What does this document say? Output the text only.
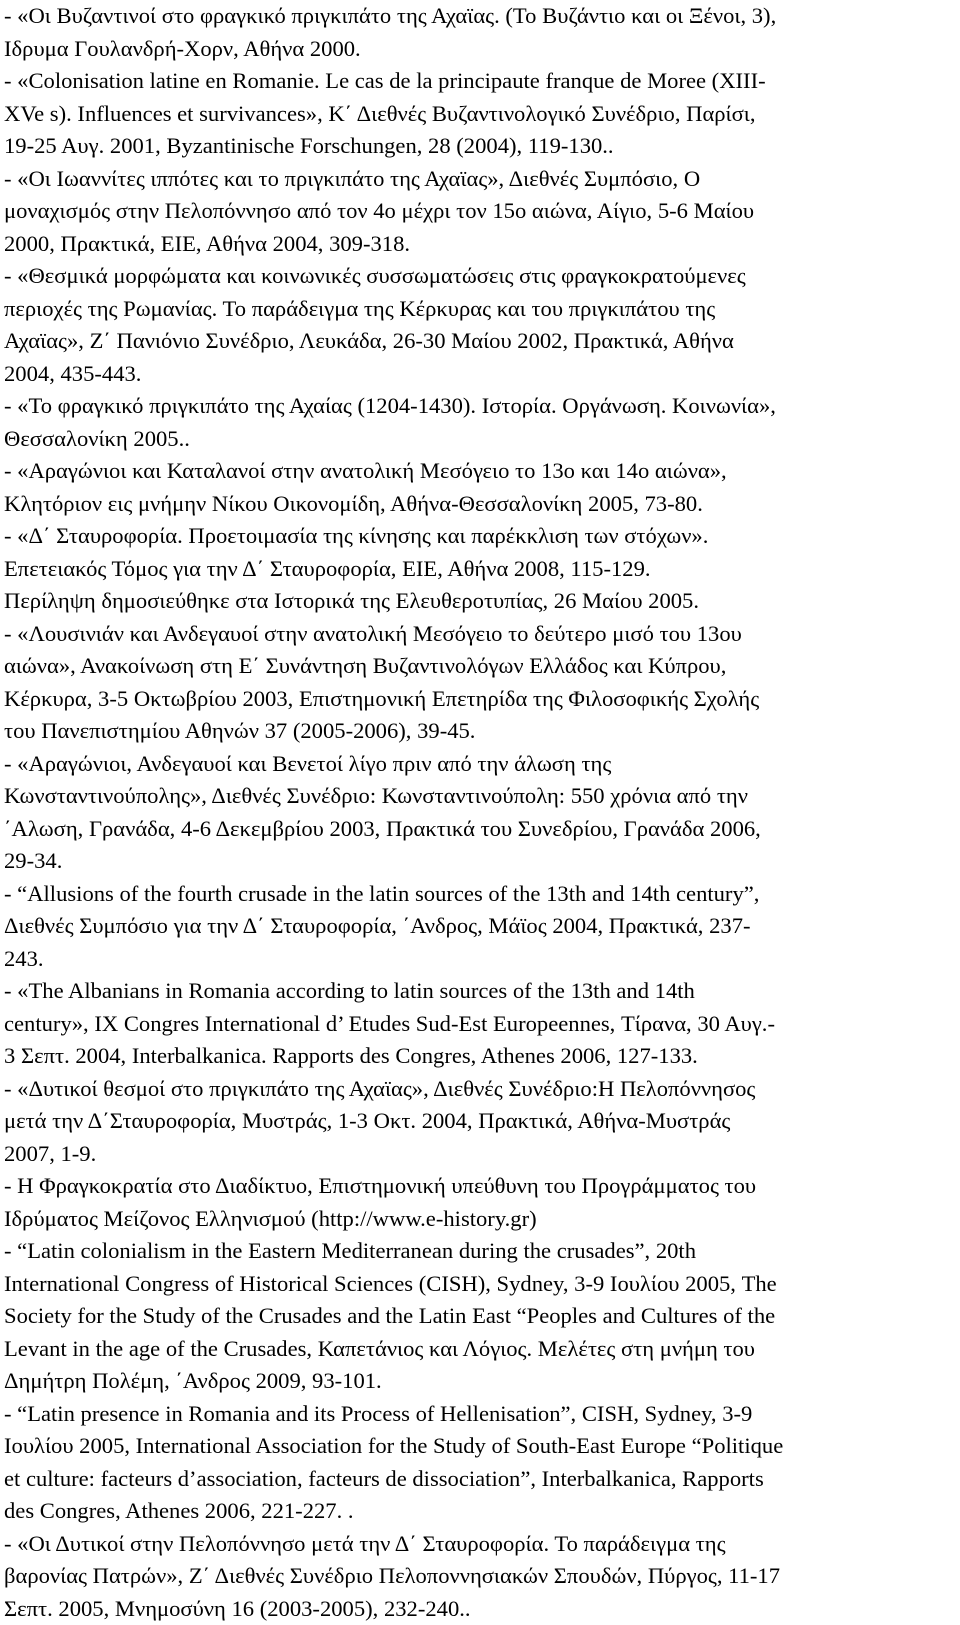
- «Οι Βυζαντινοί στο φραγκικό πριγκιπάτο της Αχαϊας. (Το Βυζάντιο και οι Ξένοι, 3),
Ιδρυμα Γουλανδρή-Χορν, Αθήνα 2000.
- «Colonisation latine en Romanie. Le cas de la principaute franque de Moree (XIII-
XVe s). Influences et survivances», Κ΄ Διεθνές Βυζαντινολογικό Συνέδριο, Παρίσι,
19-25 Αυγ. 2001, Byzantinische Forschungen, 28 (2004), 119-130..
- «Οι Ιωαννίτες ιππότες και το πριγκιπάτο της Αχαϊας», Διεθνές Συμπόσιο, Ο
μοναχισμός στην Πελοπόννησο από τον 4ο μέχρι τον 15ο αιώνα, Αίγιο, 5-6 Μαίου
2000, Πρακτικά, ΕΙΕ, Αθήνα 2004, 309-318.
- «Θεσμικά μορφώματα και κοινωνικές συσσωματώσεις στις φραγκοκρατούμενες
περιοχές της Ρωμανίας. Το παράδειγμα της Κέρκυρας και του πριγκιπάτου της
Αχαϊας», Ζ΄ Πανιόνιο Συνέδριο, Λευκάδα, 26-30 Μαίου 2002, Πρακτικά, Αθήνα
2004, 435-443.
- «Το φραγκικό πριγκιπάτο της Αχαίας (1204-1430). Ιστορία. Οργάνωση. Κοινωνία»,
Θεσσαλονίκη 2005..
- «Αραγώνιοι και Καταλανοί στην ανατολική Μεσόγειο το 13ο και 14ο αιώνα»,
Κλητόριον εις μνήμην Νίκου Οικονομίδη, Αθήνα-Θεσσαλονίκη 2005, 73-80.
- «Δ΄ Σταυροφορία. Προετοιμασία της κίνησης και παρέκκλιση των στόχων».
Επετειακός Τόμος για την Δ΄ Σταυροφορία, ΕΙΕ, Αθήνα 2008, 115-129.
Περίληψη δημοσιεύθηκε στα Ιστορικά της Ελευθεροτυπίας, 26 Μαίου 2005.
- «Λουσινιάν και Ανδεγαυοί στην ανατολική Μεσόγειο το δεύτερο μισό του 13ου
αιώνα», Ανακοίνωση στη Ε΄ Συνάντηση Βυζαντινολόγων Ελλάδος και Κύπρου,
Κέρκυρα, 3-5 Οκτωβρίου 2003, Επιστημονική Επετηρίδα της Φιλοσοφικής Σχολής
του Πανεπιστημίου Αθηνών 37 (2005-2006), 39-45.
- «Αραγώνιοι, Ανδεγαυοί και Βενετοί λίγο πριν από την άλωση της
Κωνσταντινούπολης», Διεθνές Συνέδριο: Κωνσταντινούπολη: 550 χρόνια από την
΄Αλωση, Γρανάδα, 4-6 Δεκεμβρίου 2003, Πρακτικά του Συνεδρίου, Γρανάδα 2006,
29-34.
- “Allusions of the fourth crusade in the latin sources of the 13th and 14th century”,
Διεθνές Συμπόσιο για την Δ΄ Σταυροφορία, ΄Ανδρος, Μάϊος 2004, Πρακτικά, 237-
243.
- «The Albanians in Romania according to latin sources of the 13th and 14th
century», IX Congres International d’ Etudes Sud-Est Europeennes, Τίρανα, 30 Αυγ.-
3 Σεπτ. 2004, Interbalkanica. Rapports des Congres, Athenes 2006, 127-133.
- «Δυτικοί θεσμοί στο πριγκιπάτο της Αχαϊας», Διεθνές Συνέδριο:Η Πελοπόννησος
μετά την Δ΄Σταυροφορία, Μυστράς, 1-3 Οκτ. 2004, Πρακτικά, Αθήνα-Μυστράς
2007, 1-9.
- Η Φραγκοκρατία στο Διαδίκτυο, Επιστημονική υπεύθυνη του Προγράμματος του
Ιδρύματος Μείζονος Ελληνισμού (http://www.e-history.gr)
- “Latin colonialism in the Eastern Mediterranean during the crusades”, 20th
International Congress of Historical Sciences (CISH), Sydney, 3-9 Ιουλίου 2005, The
Society for the Study of the Crusades and the Latin East “Peoples and Cultures of the
Levant in the age of the Crusades, Καπετάνιος και Λόγιος. Μελέτες στη μνήμη του
Δημήτρη Πολέμη, ΄Ανδρος 2009, 93-101.
- “Latin presence in Romania and its Process of Hellenisation”, CISH, Sydney, 3-9
Ιουλίου 2005, International Association for the Study of South-East Europe “Politique
et culture: facteurs d’association, facteurs de dissociation”, Interbalkanica, Rapports
des Congres, Athenes 2006, 221-227. .
- «Οι Δυτικοί στην Πελοπόννησο μετά την Δ΄ Σταυροφορία. Το παράδειγμα της
βαρονίας Πατρών», Ζ΄ Διεθνές Συνέδριο Πελοποννησιακών Σπουδών, Πύργος, 11-17
Σεπτ. 2005, Μνημοσύνη 16 (2003-2005), 232-240..
